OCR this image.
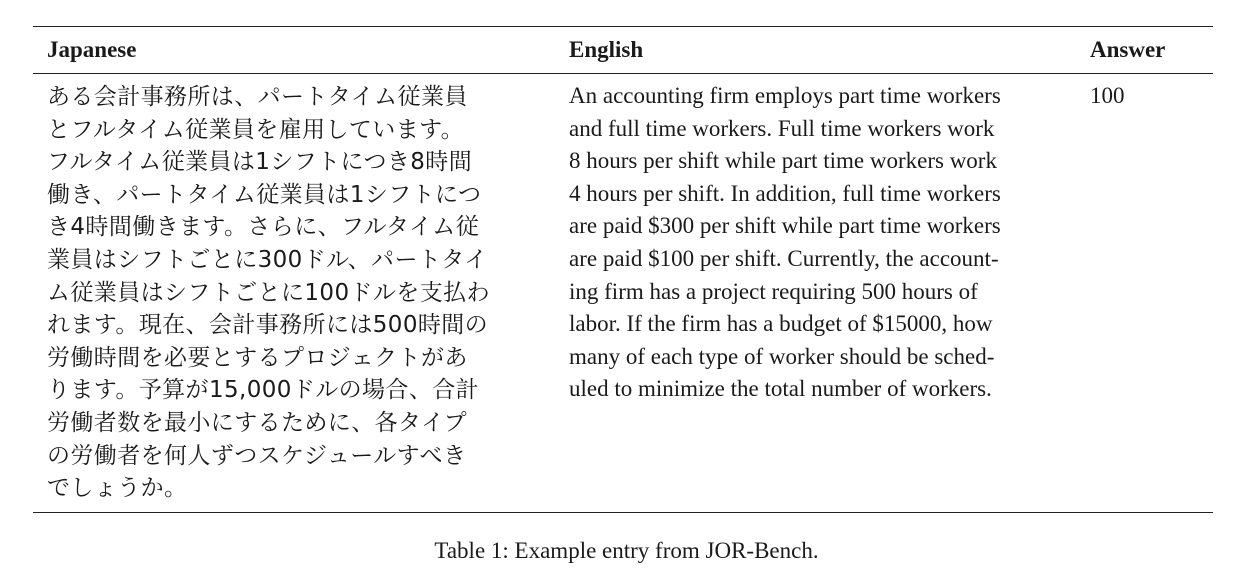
Japanese	English	Answer
ある会計事務所は、パートタイム従業員
とフルタイム従業員を雇用しています。
フルタイム従業員は1シフトにつき8時間
働き、パートタイム従業員は1シフトにつ
き4時間働きます。さらに、フルタイム従
業員はシフトごとに300ドル、パートタイ
ム従業員はシフトごとに100ドルを支払わ
れます。現在、会計事務所には500時間の
労働時間を必要とするプロジェクトがあ
ります。予算が15,000ドルの場合、合計
労働者数を最小にするために、各タイプ
の労働者を何人ずつスケジュールすべき
でしょうか。
An accounting firm employs part time workers
and full time workers. Full time workers work
8 hours per shift while part time workers work
4 hours per shift. In addition, full time workers
are paid $300 per shift while part time workers
are paid $100 per shift. Currently, the account-
ing firm has a project requiring 500 hours of
labor. If the firm has a budget of $15000, how
many of each type of worker should be sched-
uled to minimize the total number of workers.
100
Table 1: Example entry from JOR-Bench.
